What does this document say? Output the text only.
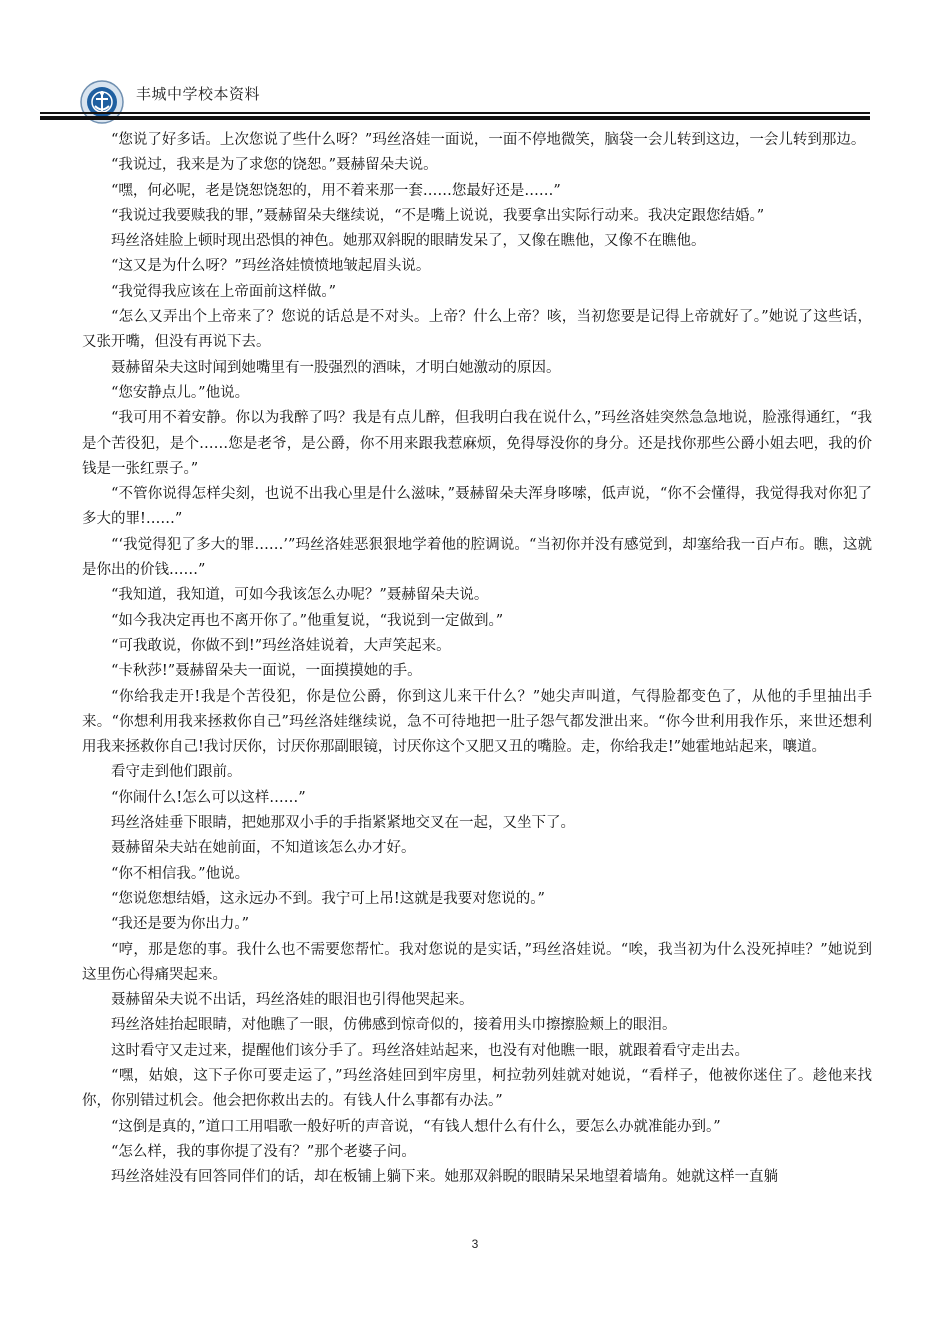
丰城中学校本资料

“您说了好多话。上次您说了些什么呀？”玛丝洛娃一面说，一面不停地微笑，脑袋一会儿转到这边，一会儿转到那边。

“我说过，我来是为了求您的饶恕。”聂赫留朵夫说。

“嘿，何必呢，老是饶恕饶恕的，用不着来那一套……您最好还是……”

“我说过我要赎我的罪，”聂赫留朵夫继续说，“不是嘴上说说，我要拿出实际行动来。我决定跟您结婚。”

玛丝洛娃脸上顿时现出恐惧的神色。她那双斜睨的眼睛发呆了，又像在瞧他，又像不在瞧他。

“这又是为什么呀？”玛丝洛娃愤愤地皱起眉头说。

“我觉得我应该在上帝面前这样做。”

“怎么又弄出个上帝来了？您说的话总是不对头。上帝？什么上帝？咳，当初您要是记得上帝就好了。”她说了这些话，又张开嘴，但没有再说下去。

聂赫留朵夫这时闻到她嘴里有一股强烈的酒味，才明白她激动的原因。

“您安静点儿。”他说。

“我可用不着安静。你以为我醉了吗？我是有点儿醉，但我明白我在说什么，”玛丝洛娃突然急急地说，脸涨得通红，“我是个苦役犯，是个……您是老爷，是公爵，你不用来跟我惹麻烦，免得辱没你的身分。还是找你那些公爵小姐去吧，我的价钱是一张红票子。”

“不管你说得怎样尖刻，也说不出我心里是什么滋味，”聂赫留朵夫浑身哆嗦，低声说，“你不会懂得，我觉得我对你犯了多大的罪!……”

“‘我觉得犯了多大的罪……’”玛丝洛娃恶狠狠地学着他的腔调说。“当初你并没有感觉到，却塞给我一百卢布。瞧，这就是你出的价钱……”

“我知道，我知道，可如今我该怎么办呢？”聂赫留朵夫说。

“如今我决定再也不离开你了。”他重复说，“我说到一定做到。”

“可我敢说，你做不到!”玛丝洛娃说着，大声笑起来。

“卡秋莎!”聂赫留朵夫一面说，一面摸摸她的手。

“你给我走开!我是个苦役犯，你是位公爵，你到这儿来干什么？”她尖声叫道，气得脸都变色了，从他的手里抽出手来。“你想利用我来拯救你自己”玛丝洛娃继续说，急不可待地把一肚子怨气都发泄出来。“你今世利用我作乐，来世还想利用我来拯救你自己!我讨厌你，讨厌你那副眼镜，讨厌你这个又肥又丑的嘴脸。走，你给我走!”她霍地站起来，嚷道。

看守走到他们跟前。

“你闹什么!怎么可以这样……”

玛丝洛娃垂下眼睛，把她那双小手的手指紧紧地交叉在一起，又坐下了。

聂赫留朵夫站在她前面，不知道该怎么办才好。

“你不相信我。”他说。

“您说您想结婚，这永远办不到。我宁可上吊!这就是我要对您说的。”

“我还是要为你出力。”

“哼，那是您的事。我什么也不需要您帮忙。我对您说的是实话，”玛丝洛娃说。“唉，我当初为什么没死掉哇？”她说到这里伤心得痛哭起来。

聂赫留朵夫说不出话，玛丝洛娃的眼泪也引得他哭起来。

玛丝洛娃抬起眼睛，对他瞧了一眼，仿佛感到惊奇似的，接着用头巾擦擦脸颊上的眼泪。

这时看守又走过来，提醒他们该分手了。玛丝洛娃站起来，也没有对他瞧一眼，就跟着看守走出去。

“嘿，姑娘，这下子你可要走运了，”玛丝洛娃回到牢房里，柯拉勃列娃就对她说，“看样子，他被你迷住了。趁他来找你，你别错过机会。他会把你救出去的。有钱人什么事都有办法。”

“这倒是真的，”道口工用唱歌一般好听的声音说，“有钱人想什么有什么，要怎么办就准能办到。”

“怎么样，我的事你提了没有？”那个老婆子问。

玛丝洛娃没有回答同伴们的话，却在板铺上躺下来。她那双斜睨的眼睛呆呆地望着墙角。她就这样一直躺

3
